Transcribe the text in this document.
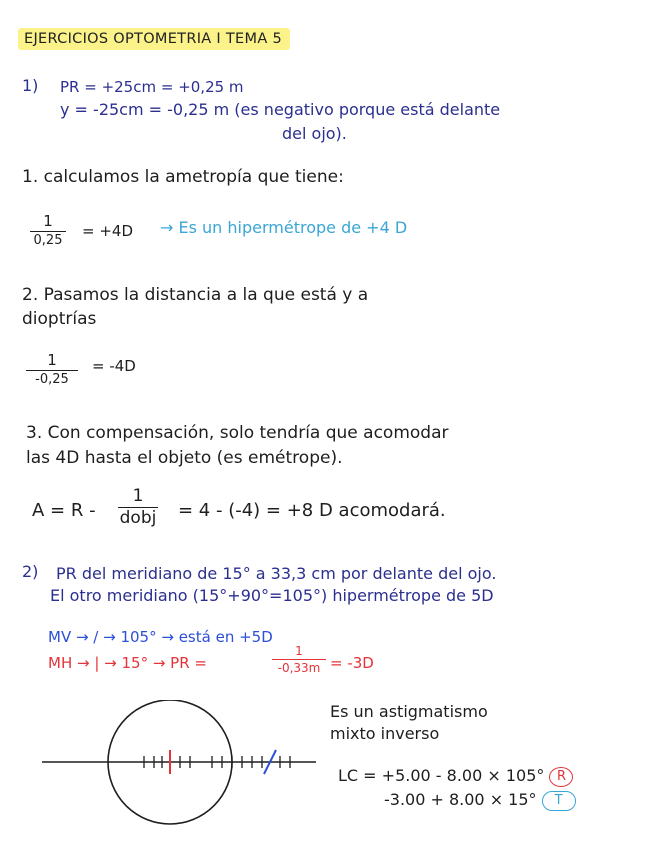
EJERCICIOS OPTOMETRIA I TEMA 5
1) PR = +25cm = +0,25 m
y = -25cm = -0,25 m (es negativo porque está delante
del ojo).
1. calculamos la ametropía que tiene:
1
0,25
= +4D → Es un hipermétrope de +4 D
2. Pasamos la distancia a la que está y a
dioptrías
1
-0,25
= -4D
3. Con compensación, solo tendría que acomodar
las 4D hasta el objeto (es emétrope).
A = R -
1
dobj = 4 - (-4) = +8 D acomodará.
2) PR del meridiano de 15° a 33,3 cm por delante del ojo.
El otro meridiano (15°+90°=105°) hipermétrope de 5D
MV → / → 105° → está en +5D
MH → | → 15° → PR =
1
-0,33m = -3D
Es un astigmatismo
mixto inverso
LC = +5.00 - 8.00 × 105° R
-3.00 + 8.00 × 15° T
